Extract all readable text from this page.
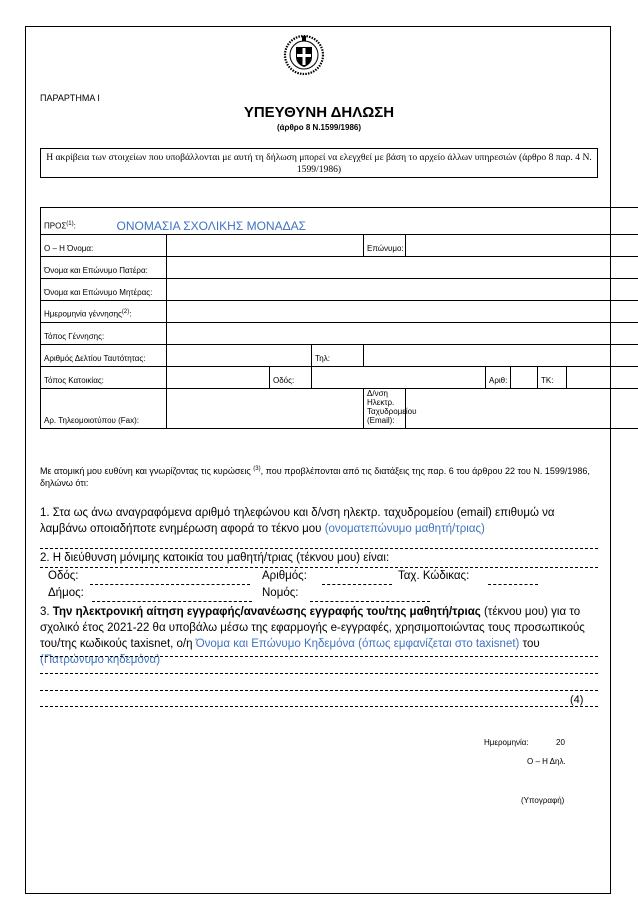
ΠΑΡΑΡΤΗΜΑ Ι
ΥΠΕΥΘΥΝΗ ΔΗΛΩΣΗ
(άρθρο 8 Ν.1599/1986)
Η ακρίβεια των στοιχείων που υποβάλλονται με αυτή τη δήλωση μπορεί να ελεγχθεί με βάση το αρχείο άλλων υπηρεσιών (άρθρο 8 παρ. 4 Ν. 1599/1986)
ΠΡΟΣ$^{(1)}$:	ΟΝΟΜΑΣΙΑ ΣΧΟΛΙΚΗΣ ΜΟΝΑΔΑΣ									
Ο – Η Όνομα:					Επώνυμο:					
Όνομα και Επώνυμο Πατέρα:										
Όνομα και Επώνυμο Μητέρας:										
Ημερομηνία γέννησης$^{(2)}$:										
Τόπος Γέννησης:										
Αριθμός Δελτίου Ταυτότητας:				Τηλ:						
Τόπος Κατοικίας:			Οδός:				Αριθ:		ΤΚ:	
Αρ. Τηλεομοιοτύπου (Fax):					Δ/νση Ηλεκτρ.
Ταχυδρομείου
(Email):					
Με ατομική μου ευθύνη και γνωρίζοντας τις κυρώσεις $^{(3)}$, που προβλέπονται από τις διατάξεις της παρ. 6 του άρθρου 22 του Ν. 1599/1986, δηλώνω ότι:
1. Στα ως άνω αναγραφόμενα αριθμό τηλεφώνου και δ/νση ηλεκτρ. ταχυδρομείου (email) επιθυμώ να λαμβάνω οποιαδήποτε ενημέρωση αφορά το τέκνο μου (ονοματεπώνυμο μαθητή/τριας)
2. Η διεύθυνση μόνιμης κατοικία του μαθητή/τριας (τέκνου μου) είναι:
Οδός:	Αριθμός:	Ταχ. Κώδικας:
Δήμος:	Νομός:
3. Την ηλεκτρονική αίτηση εγγραφής/ανανέωσης εγγραφής του/της μαθητή/τριας (τέκνου μου) για το σχολικό έτος 2021-22 θα υποβάλω μέσω της εφαρμογής e-εγγραφές, χρησιμοποιώντας τους προσωπικούς του/της κωδικούς taxisnet, ο/η Όνομα και Επώνυμο Κηδεμόνα (όπως εμφανίζεται στο taxisnet) του (Πατρώνυμο κηδεμόνα)
(4)
Ημερομηνία:	20
Ο – Η Δηλ.
(Υπογραφή)
